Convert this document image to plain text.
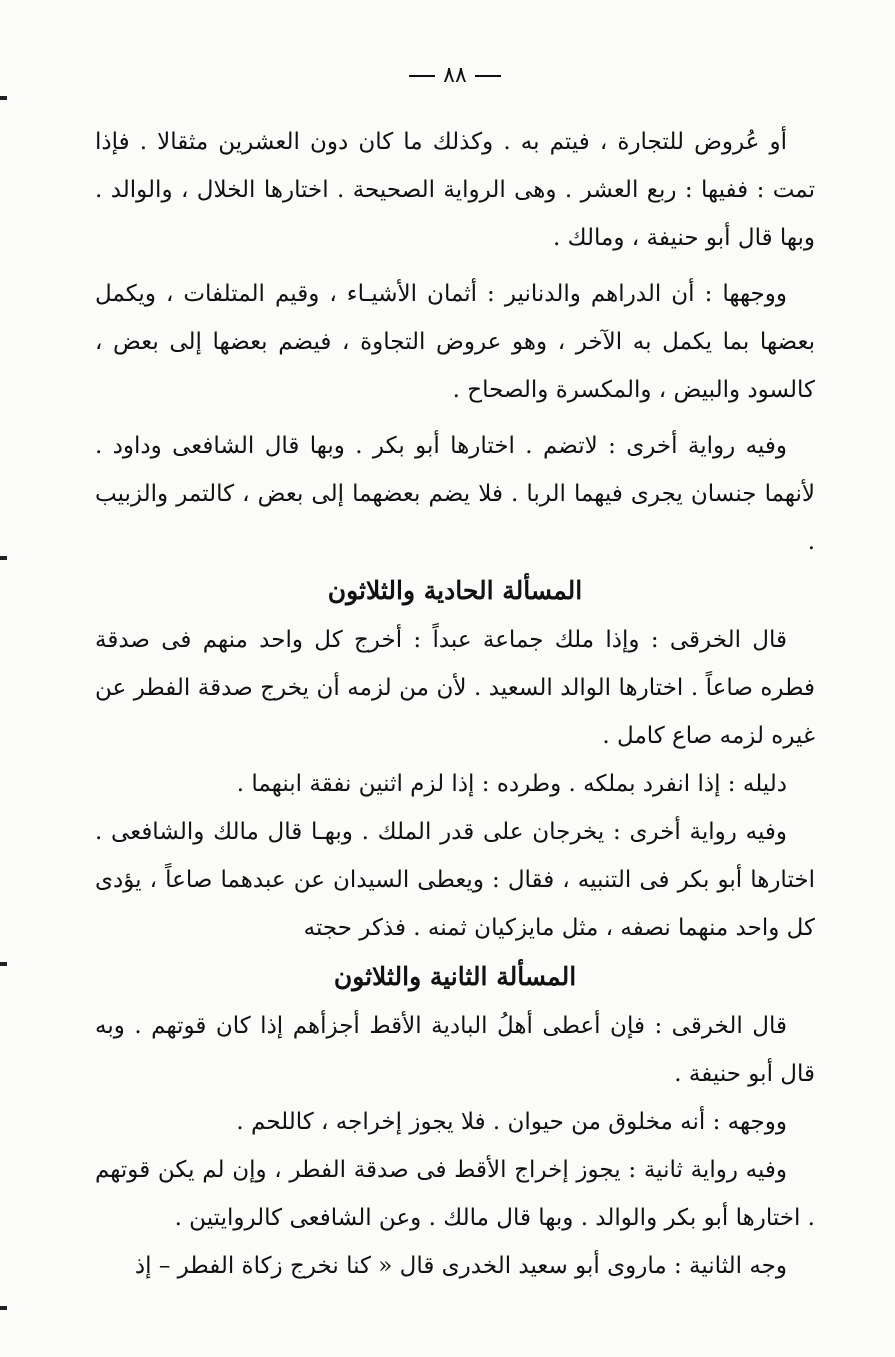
٨٨

أو عُروض للتجارة ، فيتم به . وكذلك ما كان دون العشرين مثقالا . فإذا تمت : ففيها : ربع العشر . وهى الرواية الصحيحة . اختارها الخلال ، والوالد . وبها قال أبو حنيفة ، ومالك .

ووجهها : أن الدراهم والدنانير : أثمان الأشيـاء ، وقيم المتلفات ، ويكمل بعضها بما يكمل به الآخر ، وهو عروض التجاوة ، فيضم بعضها إلى بعض ، كالسود والبيض ، والمكسرة والصحاح .

وفيه رواية أخرى : لاتضم . اختارها أبو بكر . وبها قال الشافعى وداود . لأنهما جنسان يجرى فيهما الربا . فلا يضم بعضهما إلى بعض ، كالتمر والزبيب .

المسألة الحادية والثلاثون

قال الخرقى : وإذا ملك جماعة عبداً : أخرج كل واحد منهم فى صدقة فطره صاعاً . اختارها الوالد السعيد . لأن من لزمه أن يخرج صدقة الفطر عن غيره لزمه صاع كامل .

دليله : إذا انفرد بملكه . وطرده : إذا لزم اثنين نفقة ابنهما .

وفيه رواية أخرى : يخرجان على قدر الملك . وبهـا قال مالك والشافعى . اختارها أبو بكر فى التنبيه ، فقال : ويعطى السيدان عن عبدهما صاعاً ، يؤدى كل واحد منهما نصفه ، مثل مايزكيان ثمنه . فذكر حجته

المسألة الثانية والثلاثون

قال الخرقى : فإن أعطى أهلُ البادية الأقط أجزأهم إذا كان قوتهم . وبه قال أبو حنيفة .

ووجهه : أنه مخلوق من حيوان . فلا يجوز إخراجه ، كاللحم .

وفيه رواية ثانية : يجوز إخراج الأقط فى صدقة الفطر ، وإن لم يكن قوتهم . اختارها أبو بكر والوالد . وبها قال مالك . وعن الشافعى كالروايتين .

وجه الثانية : ماروى أبو سعيد الخدرى قال « كنا نخرج زكاة الفطر – إذ
